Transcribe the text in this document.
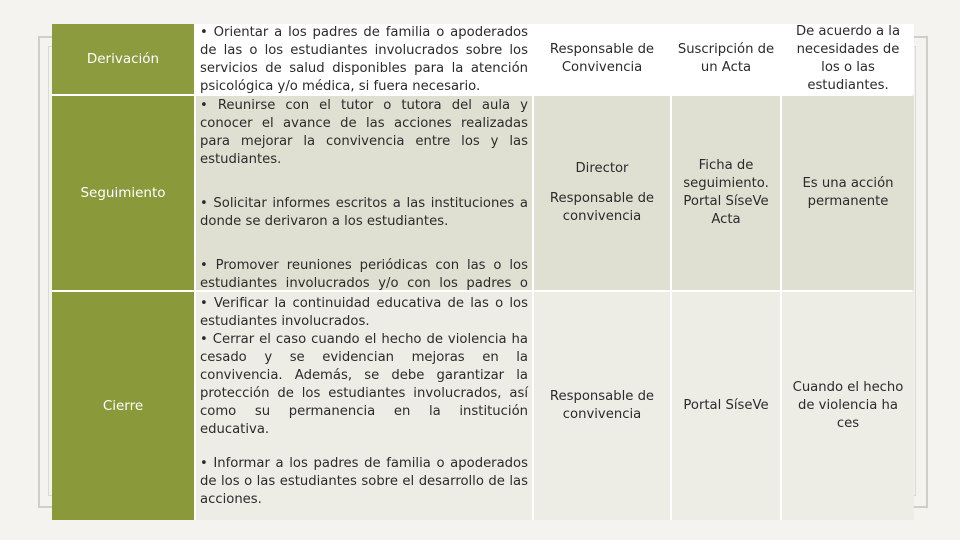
Derivación

• Orientar a los padres de familia o apoderados de las o los estudiantes involucrados sobre los servicios de salud disponibles para la atención psicológica y/o médica, si fuera necesario.

Responsable de Convivencia
Suscripción de un Acta
De acuerdo a la necesidades de los o las estudiantes.
Seguimiento

• Reunirse con el tutor o tutora del aula y conocer el avance de las acciones realizadas para mejorar la convivencia entre los y las estudiantes.

• Solicitar informes escritos a las instituciones a donde se derivaron a los estudiantes.

• Promover reuniones periódicas con las o los estudiantes involucrados y/o con los padres o

Director
Responsable de convivencia
Ficha de seguimiento. Portal SíseVe Acta
Es una acción permanente
Cierre

• Verificar la continuidad educativa de las o los estudiantes involucrados.

• Cerrar el caso cuando el hecho de violencia ha cesado y se evidencian mejoras en la convivencia. Además, se debe garantizar la protección de los estudiantes involucrados, así como su permanencia en la institución educativa.

• Informar a los padres de familia o apoderados de los o las estudiantes sobre el desarrollo de las acciones.

Responsable de convivencia
Portal SíseVe
Cuando el hecho de violencia ha ces
